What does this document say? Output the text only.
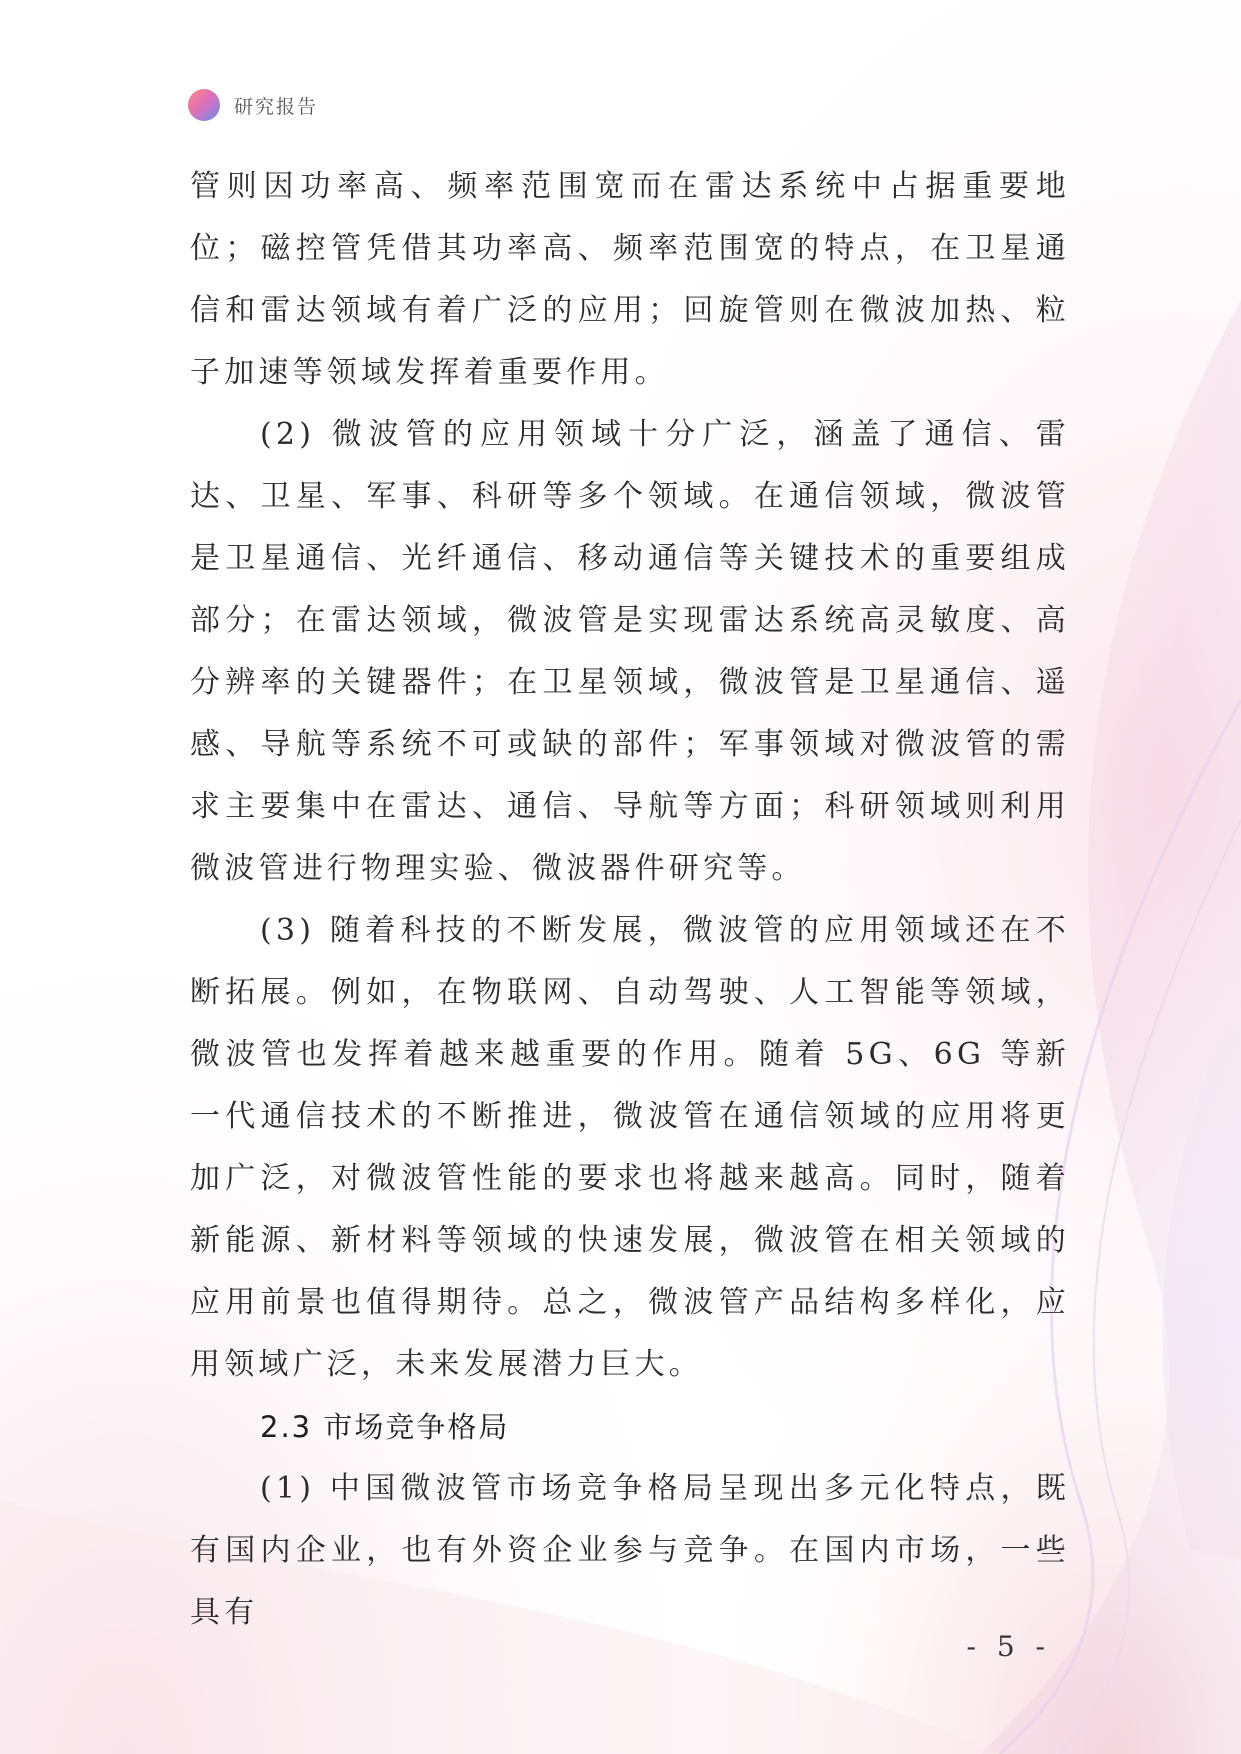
研究报告

管则因功率高、频率范围宽而在雷达系统中占据重要地位；磁控管凭借其功率高、频率范围宽的特点，在卫星通信和雷达领域有着广泛的应用；回旋管则在微波加热、粒子加速等领域发挥着重要作用。

(2) 微波管的应用领域十分广泛，涵盖了通信、雷达、卫星、军事、科研等多个领域。在通信领域，微波管是卫星通信、光纤通信、移动通信等关键技术的重要组成部分；在雷达领域，微波管是实现雷达系统高灵敏度、高分辨率的关键器件；在卫星领域，微波管是卫星通信、遥感、导航等系统不可或缺的部件；军事领域对微波管的需求主要集中在雷达、通信、导航等方面；科研领域则利用微波管进行物理实验、微波器件研究等。

(3) 随着科技的不断发展，微波管的应用领域还在不断拓展。例如，在物联网、自动驾驶、人工智能等领域，微波管也发挥着越来越重要的作用。随着 5G、6G 等新一代通信技术的不断推进，微波管在通信领域的应用将更加广泛，对微波管性能的要求也将越来越高。同时，随着新能源、新材料等领域的快速发展，微波管在相关领域的应用前景也值得期待。总之，微波管产品结构多样化，应用领域广泛，未来发展潜力巨大。

2.3 市场竞争格局

(1) 中国微波管市场竞争格局呈现出多元化特点，既有国内企业，也有外资企业参与竞争。在国内市场，一些具有

- 5 -
